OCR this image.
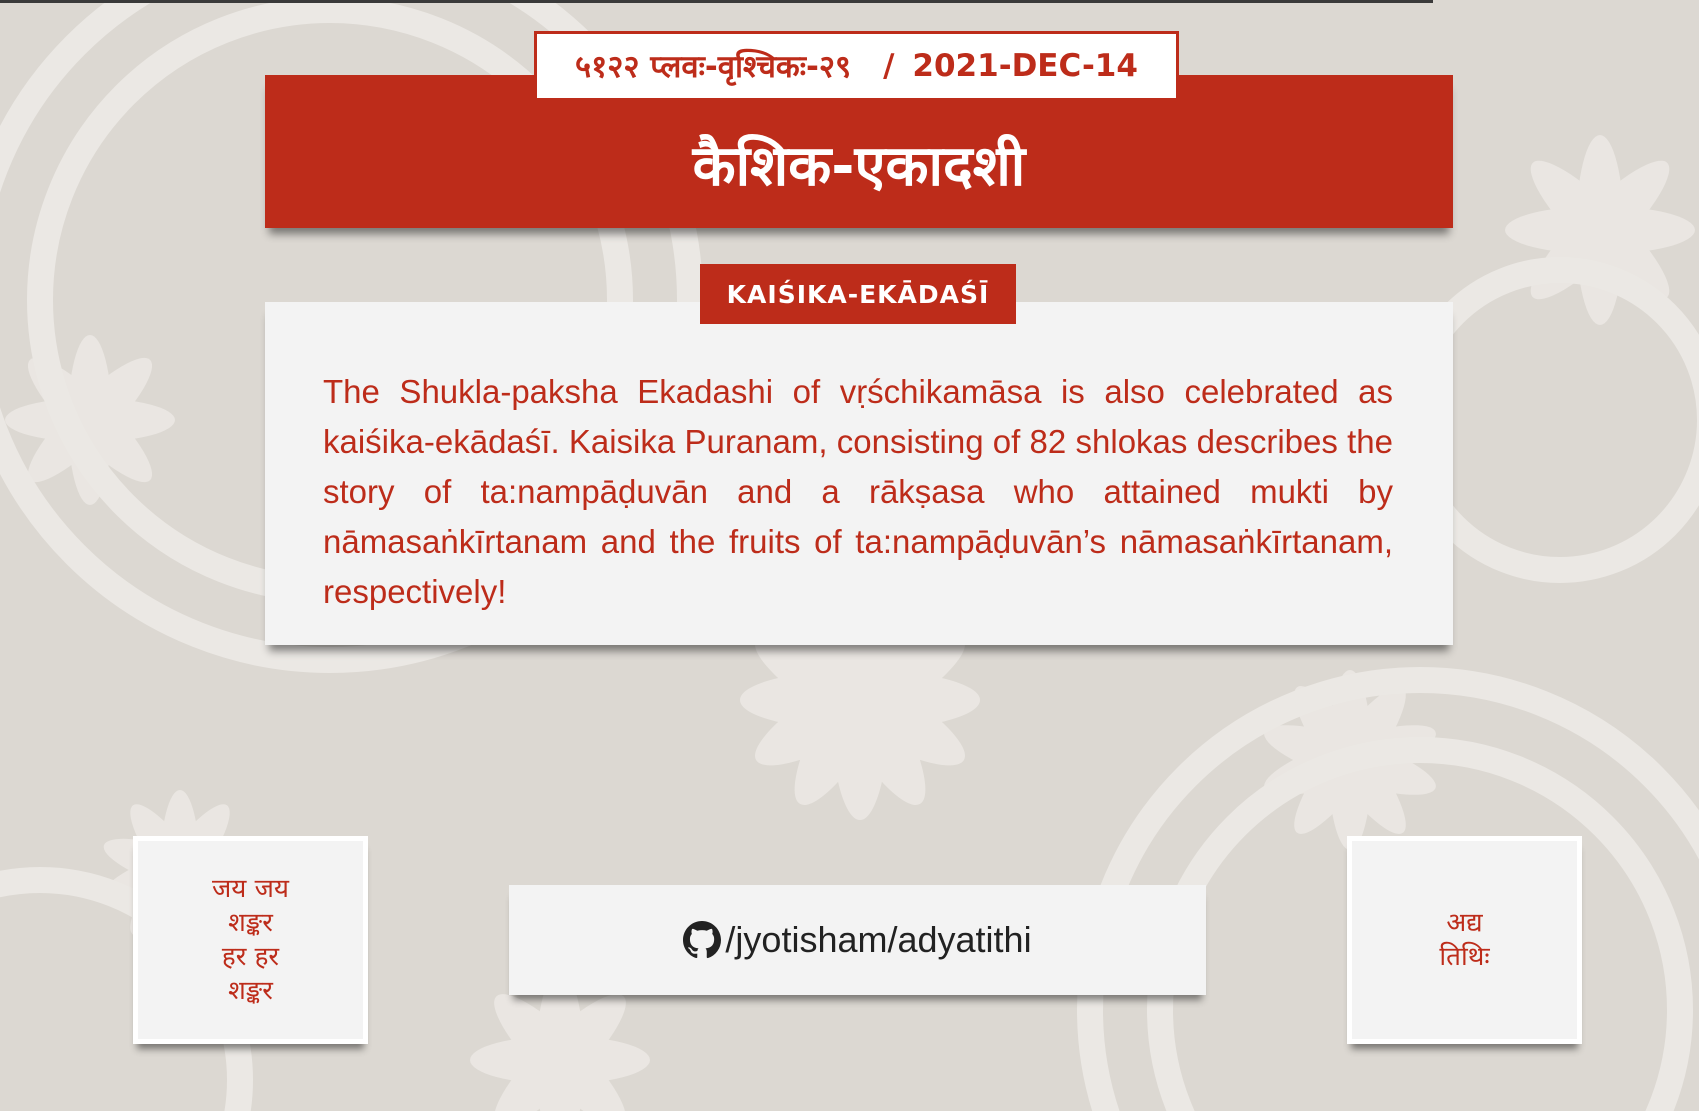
५१२२ प्लवः-वृश्चिकः-२९ / 2021-DEC-14
कैशिक-एकादशी
KAIŚIKA-EKĀDAŚĪ

The Shukla-paksha Ekadashi of vṛśchikamāsa is also celebrated as kaiśika-ekādaśī. Kaisika Puranam, consisting of 82 shlokas describes the story of ta:nampāḍuvān and a rākṣasa who attained mukti by nāmasaṅkīrtanam and the fruits of ta:nampāḍuvān’s nāmasaṅkīrtanam, respectively!

जय जय
शङ्कर
हर हर
शङ्कर
/jyotisham/adyatithi	अद्य
तिथिः
